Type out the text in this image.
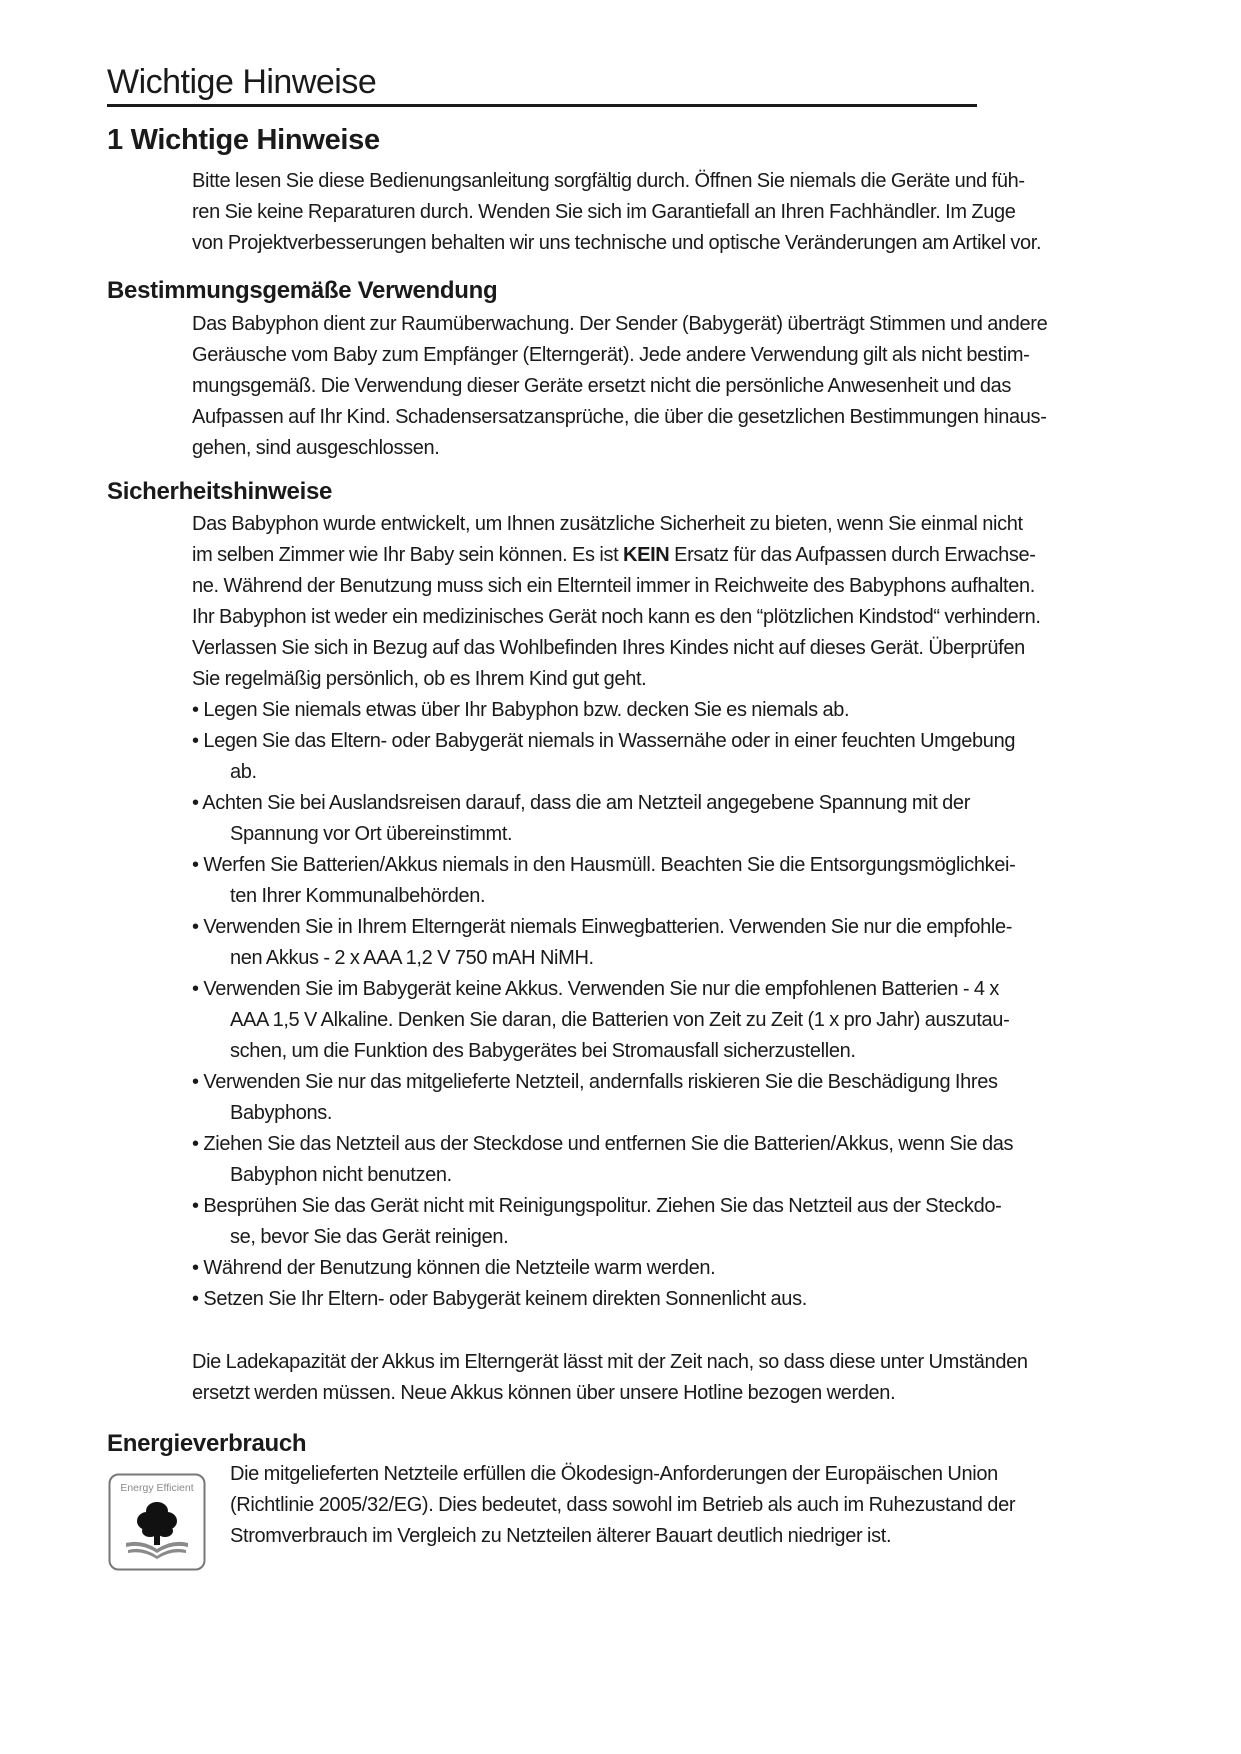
Wichtige Hinweise
1 Wichtige Hinweise

Bitte lesen Sie diese Bedienungsanleitung sorgfältig durch. Öffnen Sie niemals die Geräte und füh-
ren Sie keine Reparaturen durch. Wenden Sie sich im Garantiefall an Ihren Fachhändler. Im Zuge
von Projektverbesserungen behalten wir uns technische und optische Veränderungen am Artikel vor.

Bestimmungsgemäße Verwendung

Das Babyphon dient zur Raumüberwachung. Der Sender (Babygerät) überträgt Stimmen und andere
Geräusche vom Baby zum Empfänger (Elterngerät). Jede andere Verwendung gilt als nicht bestim-
mungsgemäß. Die Verwendung dieser Geräte ersetzt nicht die persönliche Anwesenheit und das
Aufpassen auf Ihr Kind. Schadensersatzansprüche, die über die gesetzlichen Bestimmungen hinaus-
gehen, sind ausgeschlossen.

Sicherheitshinweise

Das Babyphon wurde entwickelt, um Ihnen zusätzliche Sicherheit zu bieten, wenn Sie einmal nicht
im selben Zimmer wie Ihr Baby sein können. Es ist KEIN Ersatz für das Aufpassen durch Erwachse-
ne. Während der Benutzung muss sich ein Elternteil immer in Reichweite des Babyphons aufhalten.
Ihr Babyphon ist weder ein medizinisches Gerät noch kann es den “plötzlichen Kindstod“ verhindern.
Verlassen Sie sich in Bezug auf das Wohlbefinden Ihres Kindes nicht auf dieses Gerät. Überprüfen
Sie regelmäßig persönlich, ob es Ihrem Kind gut geht.

• Legen Sie niemals etwas über Ihr Babyphon bzw. decken Sie es niemals ab.
• Legen Sie das Eltern- oder Babygerät niemals in Wassernähe oder in einer feuchten Umgebung
ab.
• Achten Sie bei Auslandsreisen darauf, dass die am Netzteil angegebene Spannung mit der
Spannung vor Ort übereinstimmt.
• Werfen Sie Batterien/Akkus niemals in den Hausmüll. Beachten Sie die Entsorgungsmöglichkei-
ten Ihrer Kommunalbehörden.
• Verwenden Sie in Ihrem Elterngerät niemals Einwegbatterien. Verwenden Sie nur die empfohle-
nen Akkus - 2 x AAA 1,2 V 750 mAH NiMH.
• Verwenden Sie im Babygerät keine Akkus. Verwenden Sie nur die empfohlenen Batterien - 4 x
AAA 1,5 V Alkaline. Denken Sie daran, die Batterien von Zeit zu Zeit (1 x pro Jahr) auszutau-
schen, um die Funktion des Babygerätes bei Stromausfall sicherzustellen.
• Verwenden Sie nur das mitgelieferte Netzteil, andernfalls riskieren Sie die Beschädigung Ihres
Babyphons.
• Ziehen Sie das Netzteil aus der Steckdose und entfernen Sie die Batterien/Akkus, wenn Sie das
Babyphon nicht benutzen.
• Besprühen Sie das Gerät nicht mit Reinigungspolitur. Ziehen Sie das Netzteil aus der Steckdo-
se, bevor Sie das Gerät reinigen.
• Während der Benutzung können die Netzteile warm werden.
• Setzen Sie Ihr Eltern- oder Babygerät keinem direkten Sonnenlicht aus.

Die Ladekapazität der Akkus im Elterngerät lässt mit der Zeit nach, so dass diese unter Umständen
ersetzt werden müssen. Neue Akkus können über unsere Hotline bezogen werden.

Energieverbrauch
Energy Efficient

Die mitgelieferten Netzteile erfüllen die Ökodesign-Anforderungen der Europäischen Union
(Richtlinie 2005/32/EG). Dies bedeutet, dass sowohl im Betrieb als auch im Ruhezustand der
Stromverbrauch im Vergleich zu Netzteilen älterer Bauart deutlich niedriger ist.
